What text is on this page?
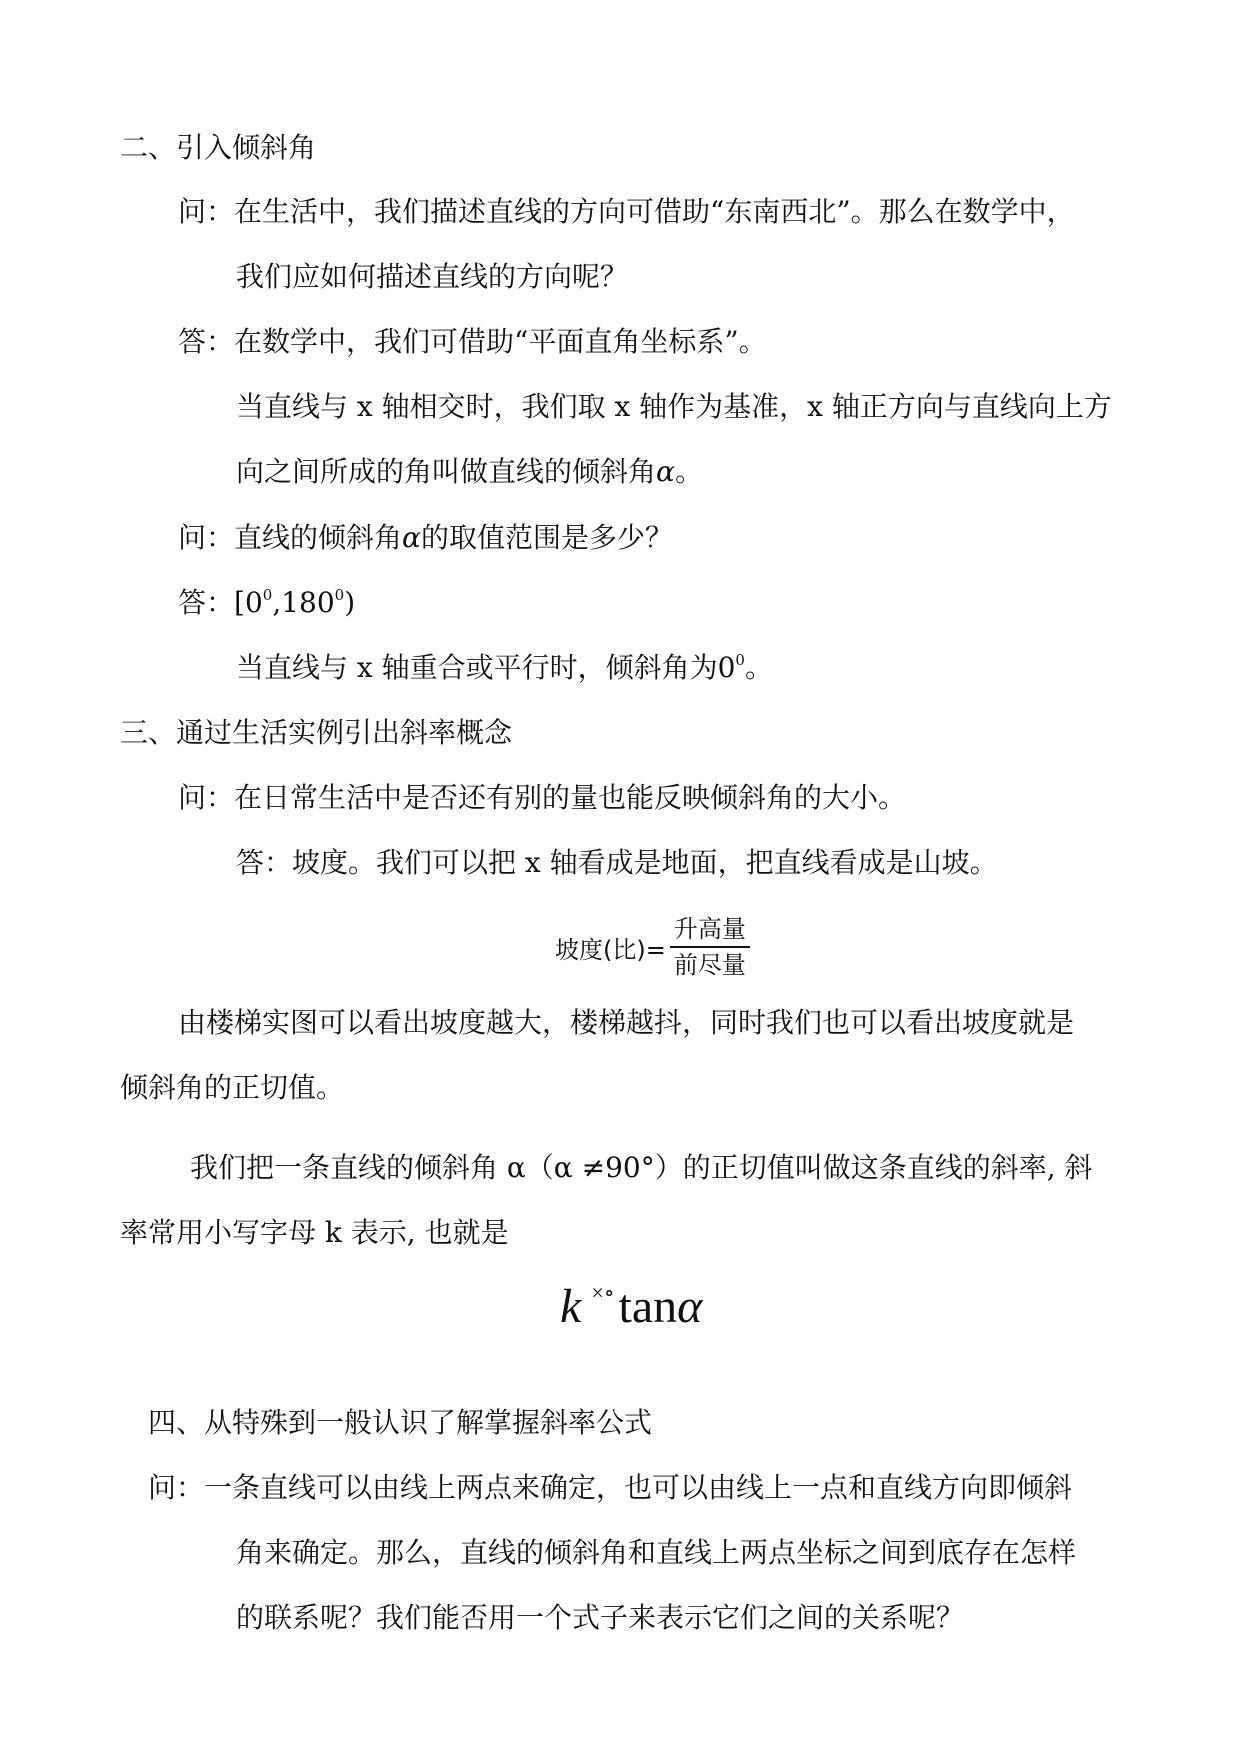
二、引入倾斜角
问：在生活中，我们描述直线的方向可借助“东南西北”。那么在数学中，
我们应如何描述直线的方向呢？
答：在数学中，我们可借助“平面直角坐标系”。
当直线与 x 轴相交时，我们取 x 轴作为基准，x 轴正方向与直线向上方
向之间所成的角叫做直线的倾斜角α。
问：直线的倾斜角α的取值范围是多少？
答：$[0^0,180^0)$
当直线与 x 轴重合或平行时，倾斜角为$0^0$。
三、通过生活实例引出斜率概念
问：在日常生活中是否还有别的量也能反映倾斜角的大小。
答：坡度。我们可以把 x 轴看成是地面，把直线看成是山坡。
坡度(比)= $\frac{\text{升高量}}{\text{前尽量}}$
由楼梯实图可以看出坡度越大，楼梯越抖，同时我们也可以看出坡度就是
倾斜角的正切值。
我们把一条直线的倾斜角 α（α ≠90°）的正切值叫做这条直线的斜率, 斜
率常用小写字母 k 表示, 也就是
k ×∘tanα
四、从特殊到一般认识了解掌握斜率公式
问：一条直线可以由线上两点来确定，也可以由线上一点和直线方向即倾斜
角来确定。那么，直线的倾斜角和直线上两点坐标之间到底存在怎样
的联系呢？我们能否用一个式子来表示它们之间的关系呢？
